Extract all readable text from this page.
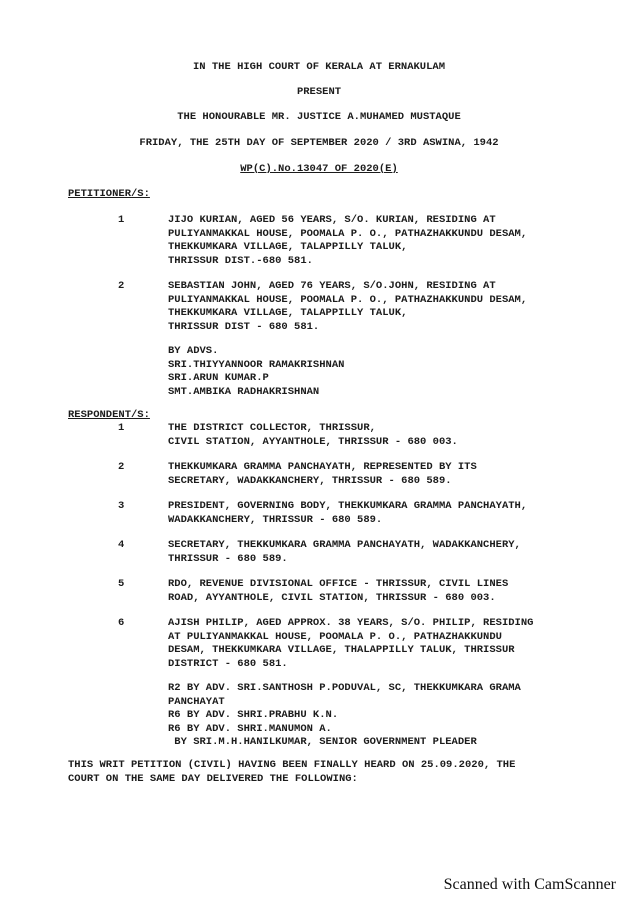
IN THE HIGH COURT OF KERALA AT ERNAKULAM
PRESENT
THE HONOURABLE MR. JUSTICE A.MUHAMED MUSTAQUE
FRIDAY, THE 25TH DAY OF SEPTEMBER 2020 / 3RD ASWINA, 1942
WP(C).No.13047 OF 2020(E)
PETITIONER/S:
1	JIJO KURIAN, AGED 56 YEARS, S/O. KURIAN, RESIDING AT
PULIYANMAKKAL HOUSE, POOMALA P. O., PATHAZHAKKUNDU DESAM,
THEKKUMKARA VILLAGE, TALAPPILLY TALUK,
THRISSUR DIST.-680 581.
2	SEBASTIAN JOHN, AGED 76 YEARS, S/O.JOHN, RESIDING AT
PULIYANMAKKAL HOUSE, POOMALA P. O., PATHAZHAKKUNDU DESAM,
THEKKUMKARA VILLAGE, TALAPPILLY TALUK,
THRISSUR DIST - 680 581.
BY ADVS.
SRI.THIYYANNOOR RAMAKRISHNAN
SRI.ARUN KUMAR.P
SMT.AMBIKA RADHAKRISHNAN
RESPONDENT/S:
1	THE DISTRICT COLLECTOR, THRISSUR,
CIVIL STATION, AYYANTHOLE, THRISSUR - 680 003.
2	THEKKUMKARA GRAMMA PANCHAYATH, REPRESENTED BY ITS
SECRETARY, WADAKKANCHERY, THRISSUR - 680 589.
3	PRESIDENT, GOVERNING BODY, THEKKUMKARA GRAMMA PANCHAYATH,
WADAKKANCHERY, THRISSUR - 680 589.
4	SECRETARY, THEKKUMKARA GRAMMA PANCHAYATH, WADAKKANCHERY,
THRISSUR - 680 589.
5	RDO, REVENUE DIVISIONAL OFFICE - THRISSUR, CIVIL LINES
ROAD, AYYANTHOLE, CIVIL STATION, THRISSUR - 680 003.
6	AJISH PHILIP, AGED APPROX. 38 YEARS, S/O. PHILIP, RESIDING
AT PULIYANMAKKAL HOUSE, POOMALA P. O., PATHAZHAKKUNDU
DESAM, THEKKUMKARA VILLAGE, THALAPPILLY TALUK, THRISSUR
DISTRICT - 680 581.
R2 BY ADV. SRI.SANTHOSH P.PODUVAL, SC, THEKKUMKARA GRAMA
PANCHAYAT
R6 BY ADV. SHRI.PRABHU K.N.
R6 BY ADV. SHRI.MANUMON A.
BY SRI.M.H.HANILKUMAR, SENIOR GOVERNMENT PLEADER
THIS WRIT PETITION (CIVIL) HAVING BEEN FINALLY HEARD ON 25.09.2020, THE
COURT ON THE SAME DAY DELIVERED THE FOLLOWING:
Scanned with CamScanner
